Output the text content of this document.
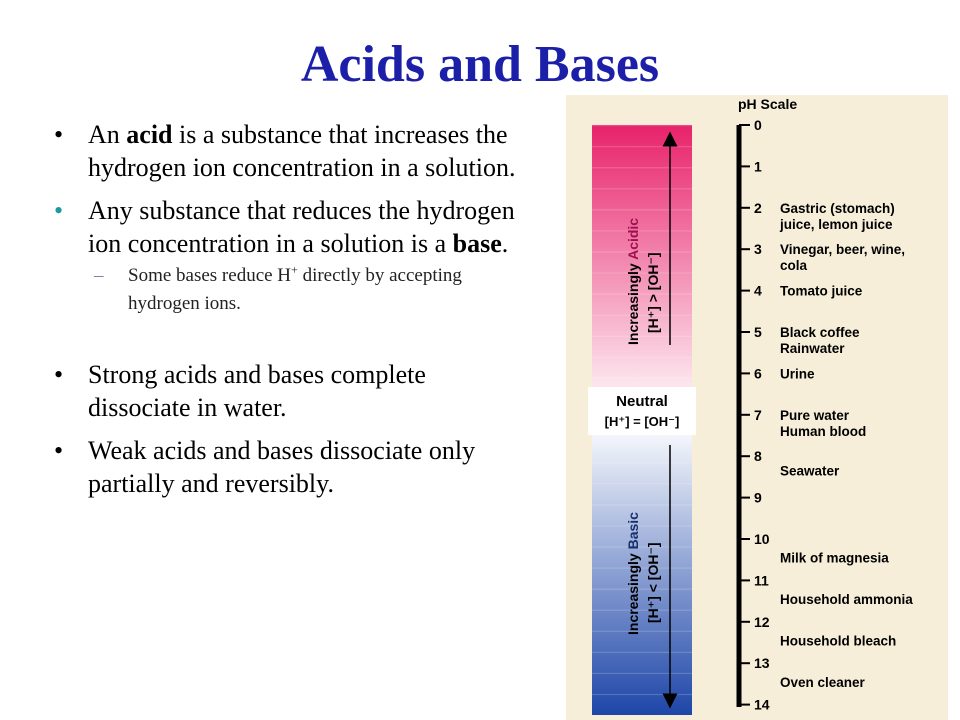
Acids and Bases
• An acid is a substance that increases the hydrogen ion concentration in a solution.
• Any substance that reduces the hydrogen ion concentration in a solution is a base.
– Some bases reduce H+ directly by accepting hydrogen ions.
• Strong acids and bases complete dissociate in water.
• Weak acids and bases dissociate only partially and reversibly.
Neutral
[H⁺] = [OH⁻]
Increasingly Acidic
[H⁺] > [OH⁻]
Increasingly Basic
[H⁺] < [OH⁻]
pH Scale
0
1
2
3
4
5
6
7
8
9
10
11
12
13
14
Gastric (stomach)
juice, lemon juice
Vinegar, beer, wine,
cola
Tomato juice
Black coffee
Rainwater
Urine
Pure water
Human blood
Seawater
Milk of magnesia
Household ammonia
Household bleach
Oven cleaner
